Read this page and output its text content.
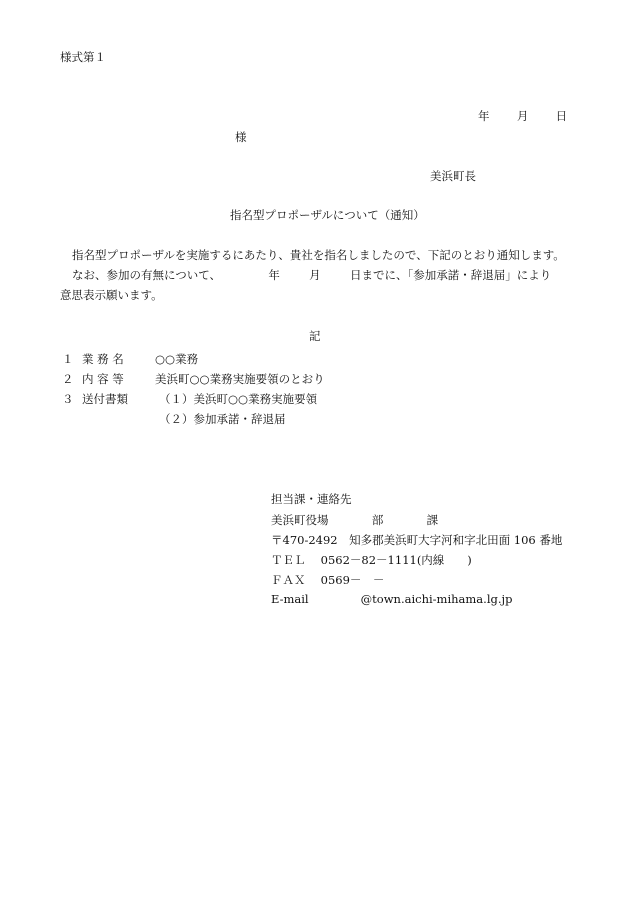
様式第１
年 月 日
様
美浜町長
指名型プロポーザルについて（通知）
指名型プロポーザルを実施するにあたり、貴社を指名しましたので、下記のとおり通知します。
なお、参加の有無について、	年	月	日までに、「参加承諾・辞退届」により
意思表示願います。
記
１ 業 務 名	○○業務
２ 内 容 等	美浜町○○業務実施要領のとおり
３ 送付書類	（１）美浜町○○業務実施要領
（２）参加承諾・辞退届
担当課・連絡先
美浜町役場	部	課
〒470-2492　知多郡美浜町大字河和字北田面 106 番地
ＴＥＬ 0562－82－1111(内線　　)
ＦＡＸ 0569－　－
E-mail	@town.aichi-mihama.lg.jp
